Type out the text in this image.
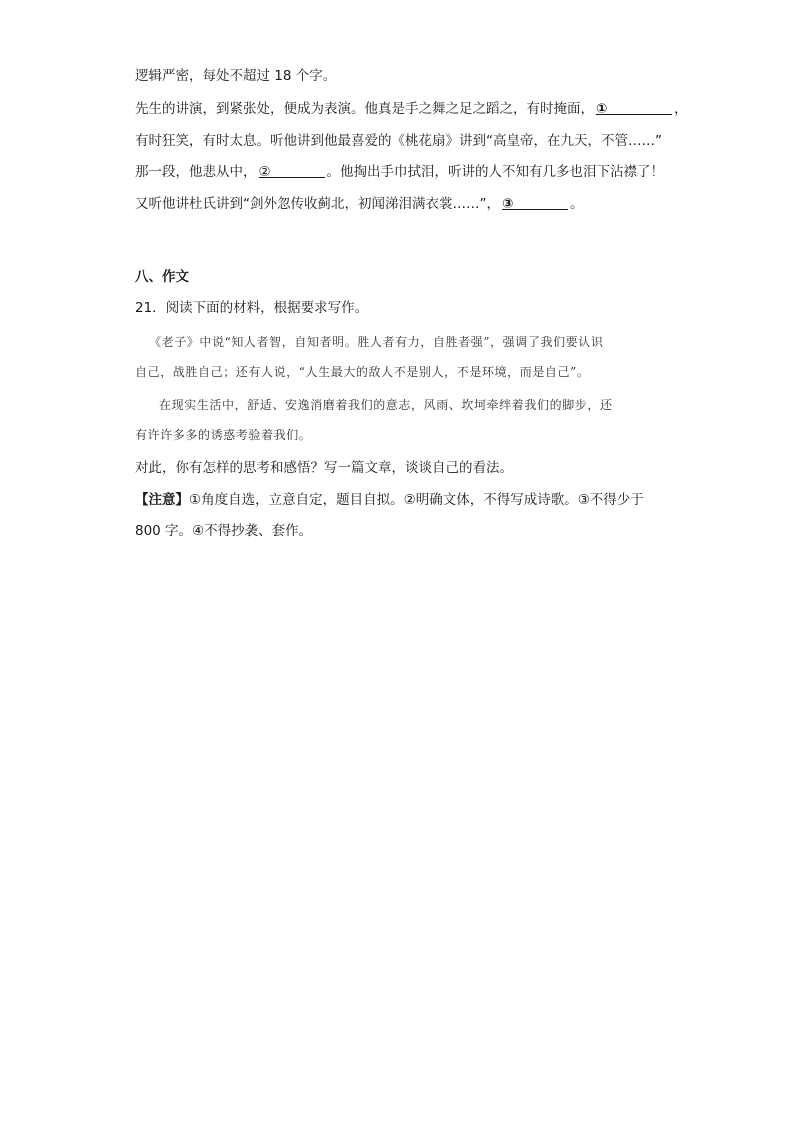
逻辑严密，每处不超过 18 个字。
先生的讲演，到紧张处，便成为表演。他真是手之舞之足之蹈之，有时掩面， ①	，
有时狂笑，有时太息。听他讲到他最喜爱的《桃花扇》讲到“高皇帝，在九天，不管……”
那一段，他悲从中， ②	。他掏出手巾拭泪，听讲的人不知有几多也泪下沾襟了！
又听他讲杜氏讲到“剑外忽传收蓟北，初闻涕泪满衣裳……”， ③	。
八、作文
21．阅读下面的材料，根据要求写作。
《老子》中说“知人者智，自知者明。胜人者有力，自胜者强”，强调了我们要认识
自己，战胜自己；还有人说，“人生最大的敌人不是别人，不是环境，而是自己”。
在现实生活中，舒适、安逸消磨着我们的意志，风雨、坎坷牵绊着我们的脚步，还
有许许多多的诱惑考验着我们。
对此，你有怎样的思考和感悟？写一篇文章，谈谈自己的看法。
【注意】①角度自选，立意自定，题目自拟。②明确文体，不得写成诗歌。③不得少于
800 字。④不得抄袭、套作。
